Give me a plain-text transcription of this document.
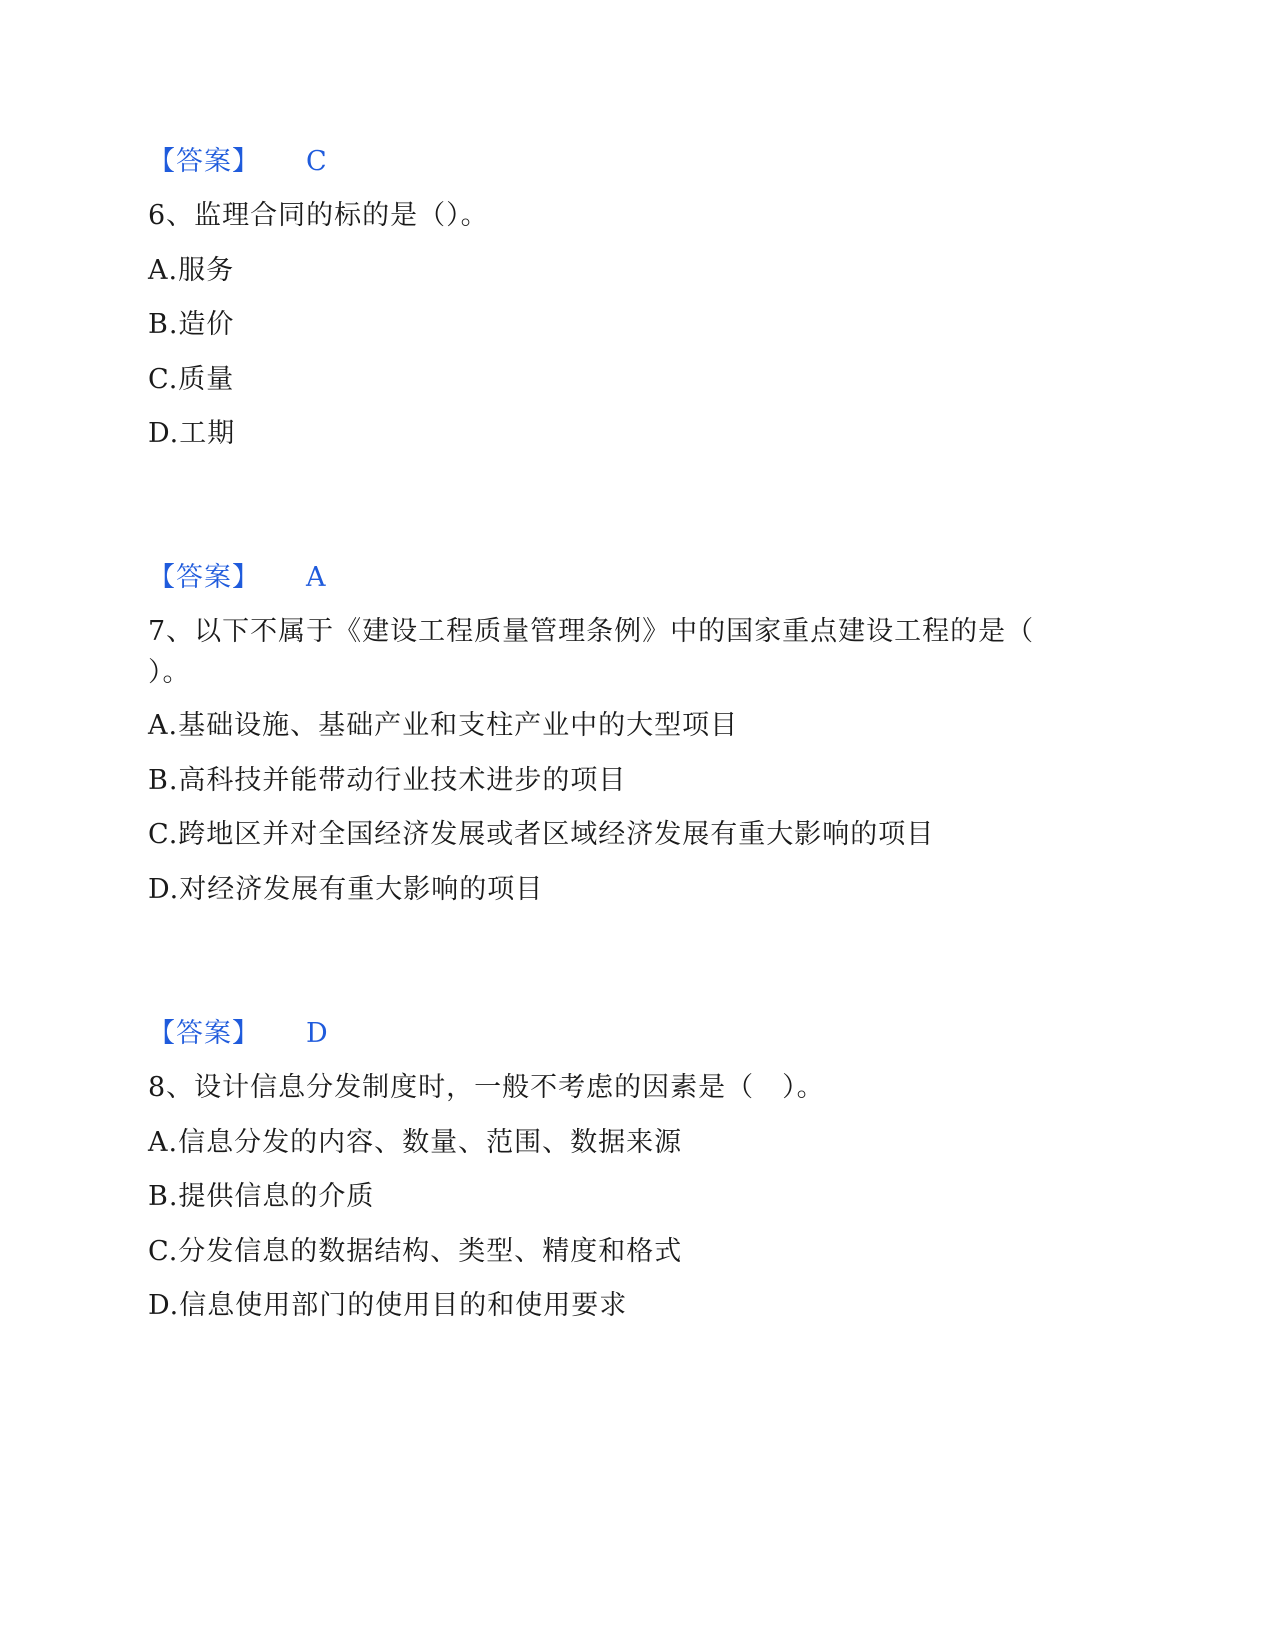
【答案】 C
6、监理合同的标的是（）。
A.服务
B.造价
C.质量
D.工期
【答案】 A
7、以下不属于《建设工程质量管理条例》中的国家重点建设工程的是（
）。
A.基础设施、基础产业和支柱产业中的大型项目
B.高科技并能带动行业技术进步的项目
C.跨地区并对全国经济发展或者区域经济发展有重大影响的项目
D.对经济发展有重大影响的项目
【答案】 D
8、设计信息分发制度时，一般不考虑的因素是（　）。
A.信息分发的内容、数量、范围、数据来源
B.提供信息的介质
C.分发信息的数据结构、类型、精度和格式
D.信息使用部门的使用目的和使用要求
